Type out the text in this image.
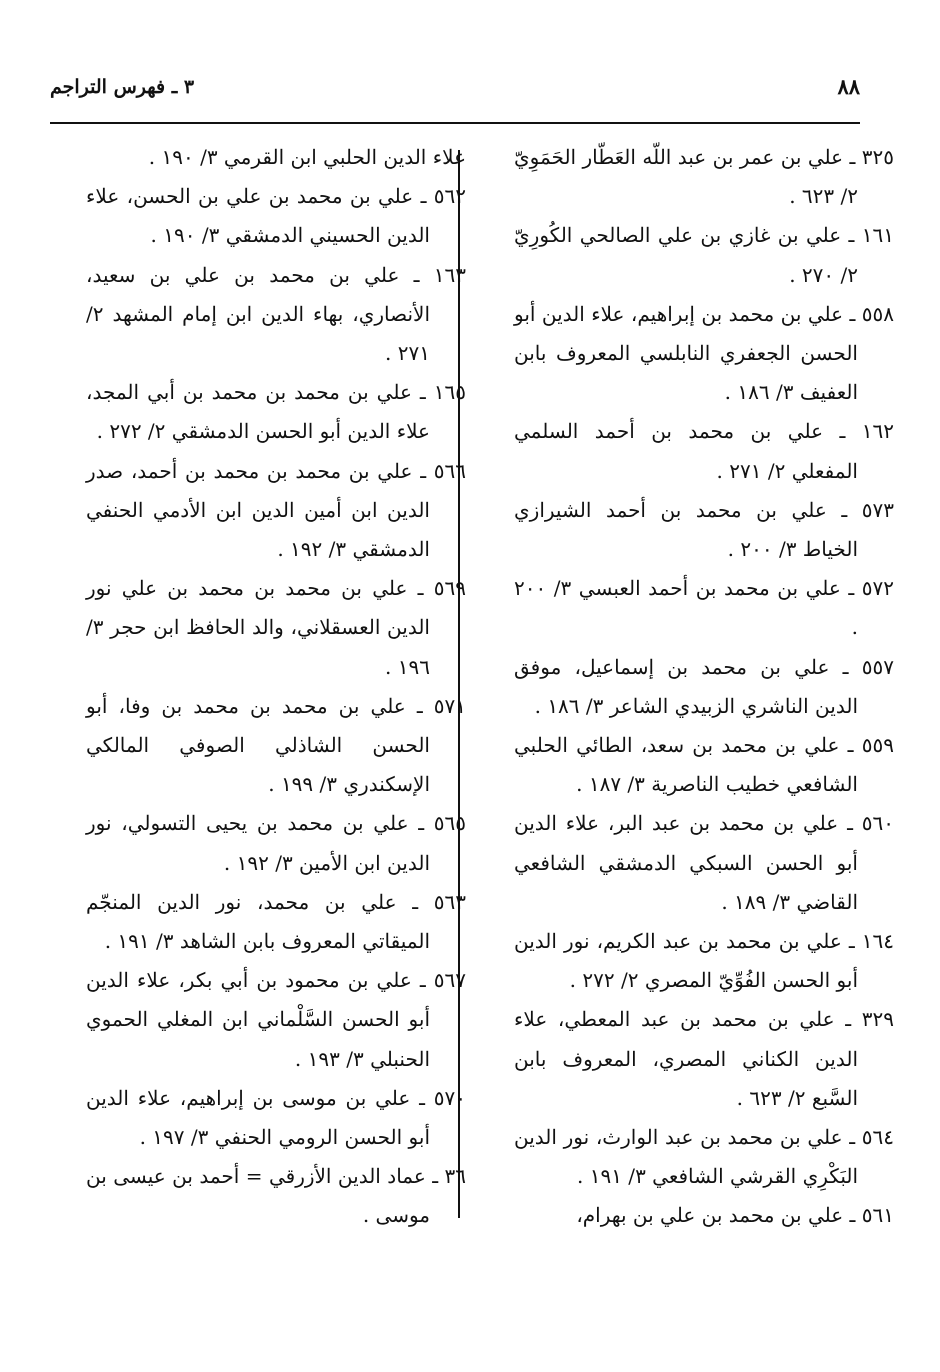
٨٨
٣ ـ فهرس التراجم

٣٢٥ ـ علي بن عمر بن عبد اللّه العَطّار الحَمَوِيّ ٢/ ٦٢٣ .

١٦١ ـ علي بن غازي بن علي الصالحي الكُورِيّ ٢/ ٢٧٠ .

٥٥٨ ـ علي بن محمد بن إبراهيم، علاء الدين أبو الحسن الجعفري النابلسي المعروف بابن العفيف ٣/ ١٨٦ .

١٦٢ ـ علي بن محمد بن أحمد السلمي المفعلي ٢/ ٢٧١ .

٥٧٣ ـ علي بن محمد بن أحمد الشيرازي الخياط ٣/ ٢٠٠ .

٥٧٢ ـ علي بن محمد بن أحمد العبسي ٣/ ٢٠٠ .

٥٥٧ ـ علي بن محمد بن إسماعيل، موفق الدين الناشري الزبيدي الشاعر ٣/ ١٨٦ .

٥٥٩ ـ علي بن محمد بن سعد، الطائي الحلبي الشافعي خطيب الناصرية ٣/ ١٨٧ .

٥٦٠ ـ علي بن محمد بن عبد البر، علاء الدين أبو الحسن السبكي الدمشقي الشافعي القاضي ٣/ ١٨٩ .

١٦٤ ـ علي بن محمد بن عبد الكريم، نور الدين أبو الحسن الفُوِّيّ المصري ٢/ ٢٧٢ .

٣٢٩ ـ علي بن محمد بن عبد المعطي، علاء الدين الكناني المصري، المعروف بابن السَّبع ٢/ ٦٢٣ .

٥٦٤ ـ علي بن محمد بن عبد الوارث، نور الدين البَكْرِي القرشي الشافعي ٣/ ١٩١ .

٥٦١ ـ علي بن محمد بن علي بن بهرام،

علاء الدين الحلبي ابن القرمي ٣/ ١٩٠ .

٥٦٢ ـ علي بن محمد بن علي بن الحسن، علاء الدين الحسيني الدمشقي ٣/ ١٩٠ .

١٦٣ ـ علي بن محمد بن علي بن سعيد، الأنصاري، بهاء الدين ابن إمام المشهد ٢/ ٢٧١ .

١٦٥ ـ علي بن محمد بن محمد بن أبي المجد، علاء الدين أبو الحسن الدمشقي ٢/ ٢٧٢ .

٥٦٦ ـ علي بن محمد بن محمد بن أحمد، صدر الدين ابن أمين الدين ابن الأدمي الحنفي الدمشقي ٣/ ١٩٢ .

٥٦٩ ـ علي بن محمد بن محمد بن علي نور الدين العسقلاني، والد الحافظ ابن حجر ٣/ ١٩٦ .

٥٧١ ـ علي بن محمد بن محمد بن وفا، أبو الحسن الشاذلي الصوفي المالكي الإسكندري ٣/ ١٩٩ .

٥٦٥ ـ علي بن محمد بن يحيى التسولي، نور الدين ابن الأمين ٣/ ١٩٢ .

٥٦٣ ـ علي بن محمد، نور الدين المنجّم الميقاتي المعروف بابن الشاهد ٣/ ١٩١ .

٥٦٧ ـ علي بن محمود بن أبي بكر، علاء الدين أبو الحسن السَّلْماني ابن المغلي الحموي الحنبلي ٣/ ١٩٣ .

٥٧٠ ـ علي بن موسى بن إبراهيم، علاء الدين أبو الحسن الرومي الحنفي ٣/ ١٩٧ .

٣٦ ـ عماد الدين الأزرقي = أحمد بن عيسى بن موسى .
